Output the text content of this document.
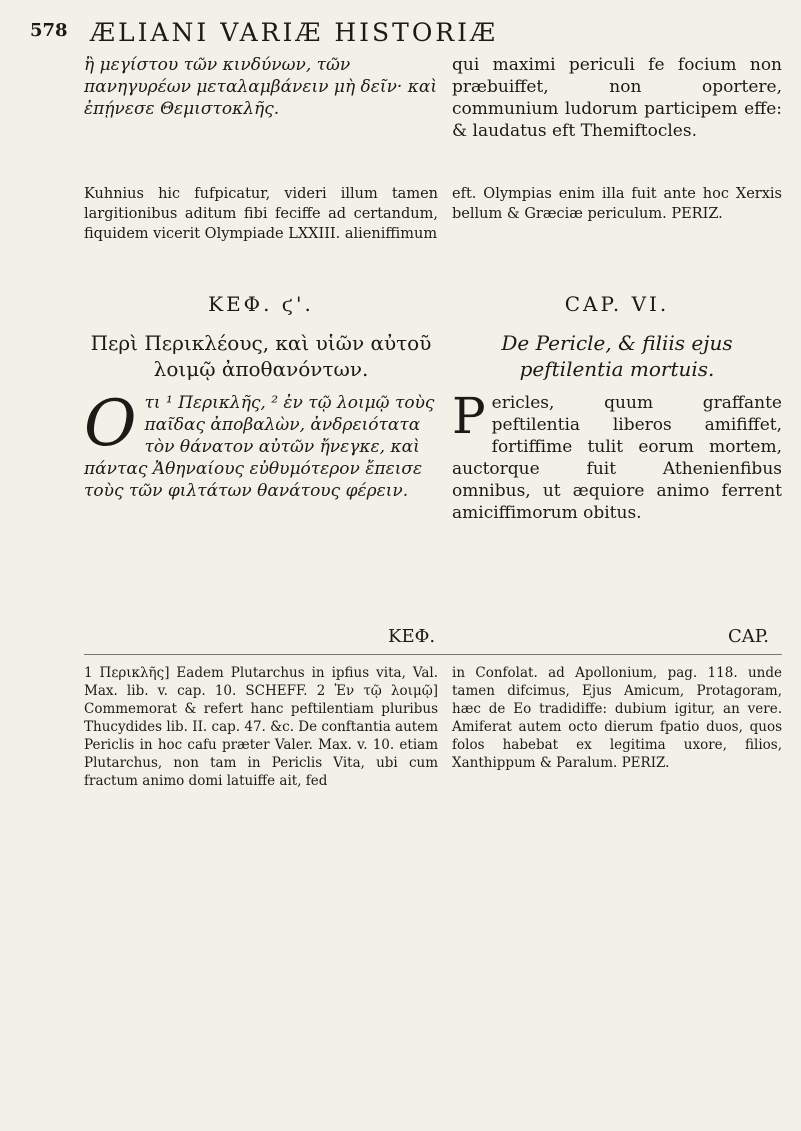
578 ÆLIANI VARIÆ HISTORIÆ
ἢ μεγίστου τῶν κινδύνων, τῶν πανηγυρέων μεταλαμβάνειν μὴ δεῖν· καὶ ἐπῄνεσε Θεμιστοκλῆς.
qui maximi periculi fe focium non præbuiffet, non oportere, communium ludorum participem effe: & laudatus eft Themiftocles.
Kuhnius hic fufpicatur, videri illum tamen largitionibus aditum fibi feciffe ad certandum, fiquidem vicerit Olympiade LXXIII. alieniffimum
eft. Olympias enim illa fuit ante hoc Xerxis bellum & Græciæ periculum. PERIZ.
ΚΕΦ. ϛ'.	CAP. VI.
Περὶ Περικλέους, καὶ υἱῶν αὐτοῦ λοιμῷ ἀποθανόντων.
De Pericle, & filiis ejus peftilentia mortuis.
Οτι ¹ Περικλῆς, ² ἐν τῷ λοιμῷ τοὺς παῖδας ἀποβαλὼν, ἀνδρειότατα τὸν θάνατον αὐτῶν ἤνεγκε, καὶ πάντας Ἀθηναίους εὐθυμότερον ἔπεισε τοὺς τῶν φιλτάτων θανάτους φέρειν.
Pericles, quum graffante peftilentia liberos amififfet, fortiffime tulit eorum mortem, auctorque fuit Athenienfibus omnibus, ut æquiore animo ferrent amiciffimorum obitus.
ΚΕΦ.	CAP.
1 Περικλῆς] Eadem Plutarchus in ipfius vita, Val. Max. lib. v. cap. 10. SCHEFF. 2 Ἐν τῷ λοιμῷ] Commemorat & refert hanc peftilentiam pluribus Thucydides lib. II. cap. 47. &c. De conftantia autem Periclis in hoc cafu præter Valer. Max. v. 10. etiam Plutarchus, non tam in Periclis Vita, ubi cum fractum animo domi latuiffe ait, fed
in Confolat. ad Apollonium, pag. 118. unde tamen difcimus, Ejus Amicum, Protagoram, hæc de Eo tradidiffe: dubium igitur, an vere. Amiferat autem octo dierum fpatio duos, quos folos habebat ex legitima uxore, filios, Xanthippum & Paralum. PERIZ.
